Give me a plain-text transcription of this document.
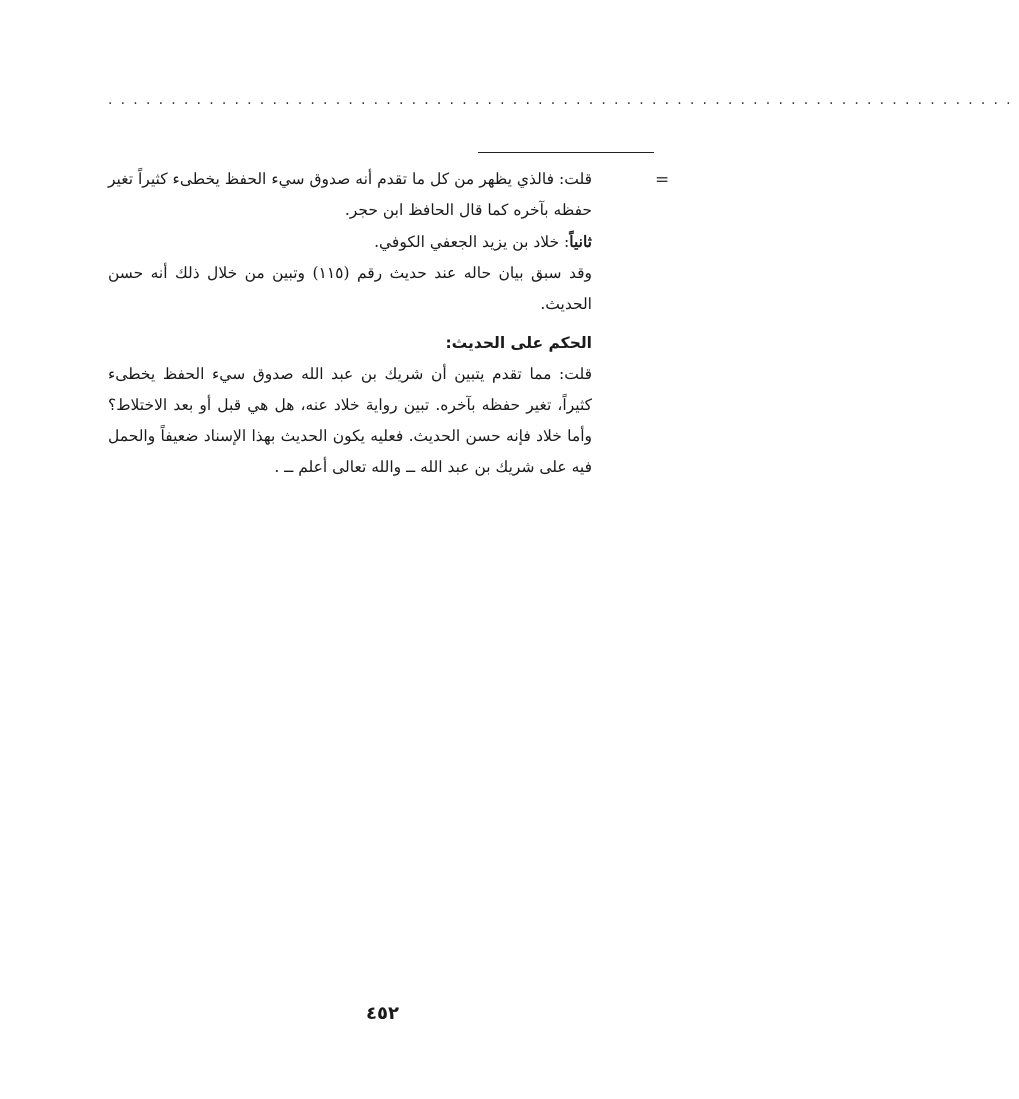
........................................................................
=

قلت: فالذي يظهر من كل ما تقدم أنه صدوق سيء الحفظ يخطىء كثيراً تغير حفظه بآخره كما قال الحافظ ابن حجر.

ثانياً: خلاد بن يزيد الجعفي الكوفي.

وقد سبق بيان حاله عند حديث رقم (١١٥) وتبين من خلال ذلك أنه حسن الحديث.

الحكم على الحديث:

قلت: مما تقدم يتبين أن شريك بن عبد الله صدوق سيء الحفظ يخطىء كثيراً، تغير حفظه بآخره. تبين رواية خلاد عنه، هل هي قبل أو بعد الاختلاط؟ وأما خلاد فإنه حسن الحديث. فعليه يكون الحديث بهذا الإسناد ضعيفاً والحمل فيه على شريك بن عبد الله ــ والله تعالى أعلم ــ .

٤٥٢
